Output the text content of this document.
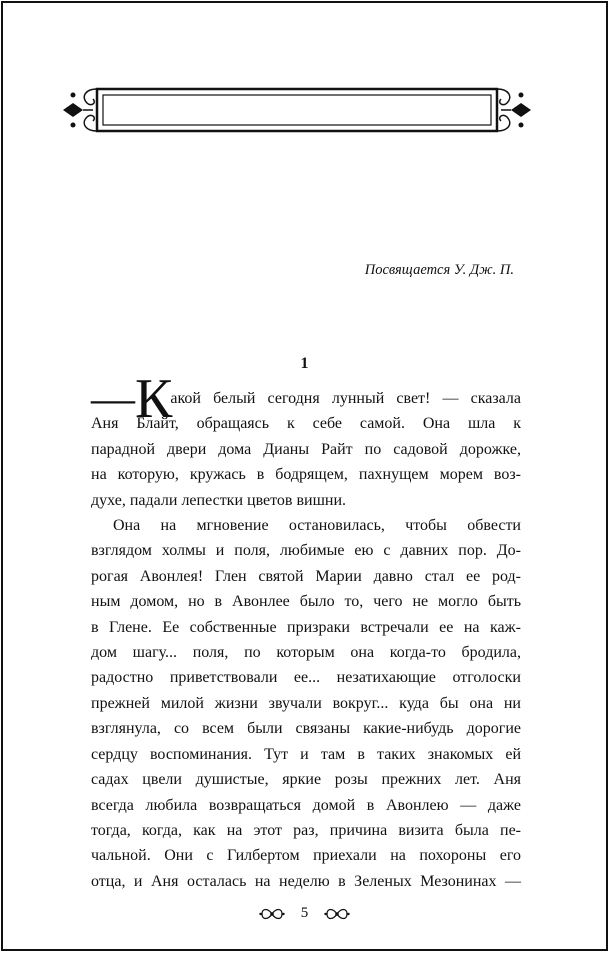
Посвящается У. Дж. П.
1
—Какой белый сегодня лунный свет! — сказала
Аня Блайт, обращаясь к себе самой. Она шла к
парадной двери дома Дианы Райт по садовой дорожке,
на которую, кружась в бодрящем, пахнущем морем воз-
духе, падали лепестки цветов вишни.
Она на мгновение остановилась, чтобы обвести
взглядом холмы и поля, любимые ею с давних пор. До-
рогая Авонлея! Глен святой Марии давно стал ее род-
ным домом, но в Авонлее было то, чего не могло быть
в Глене. Ее собственные призраки встречали ее на каж-
дом шагу... поля, по которым она когда-то бродила,
радостно приветствовали ее... незатихающие отголоски
прежней милой жизни звучали вокруг... куда бы она ни
взглянула, со всем были связаны какие-нибудь дорогие
сердцу воспоминания. Тут и там в таких знакомых ей
садах цвели душистые, яркие розы прежних лет. Аня
всегда любила возвращаться домой в Авонлею — даже
тогда, когда, как на этот раз, причина визита была пе-
чальной. Они с Гилбертом приехали на похороны его
отца, и Аня осталась на неделю в Зеленых Мезонинах —
5
